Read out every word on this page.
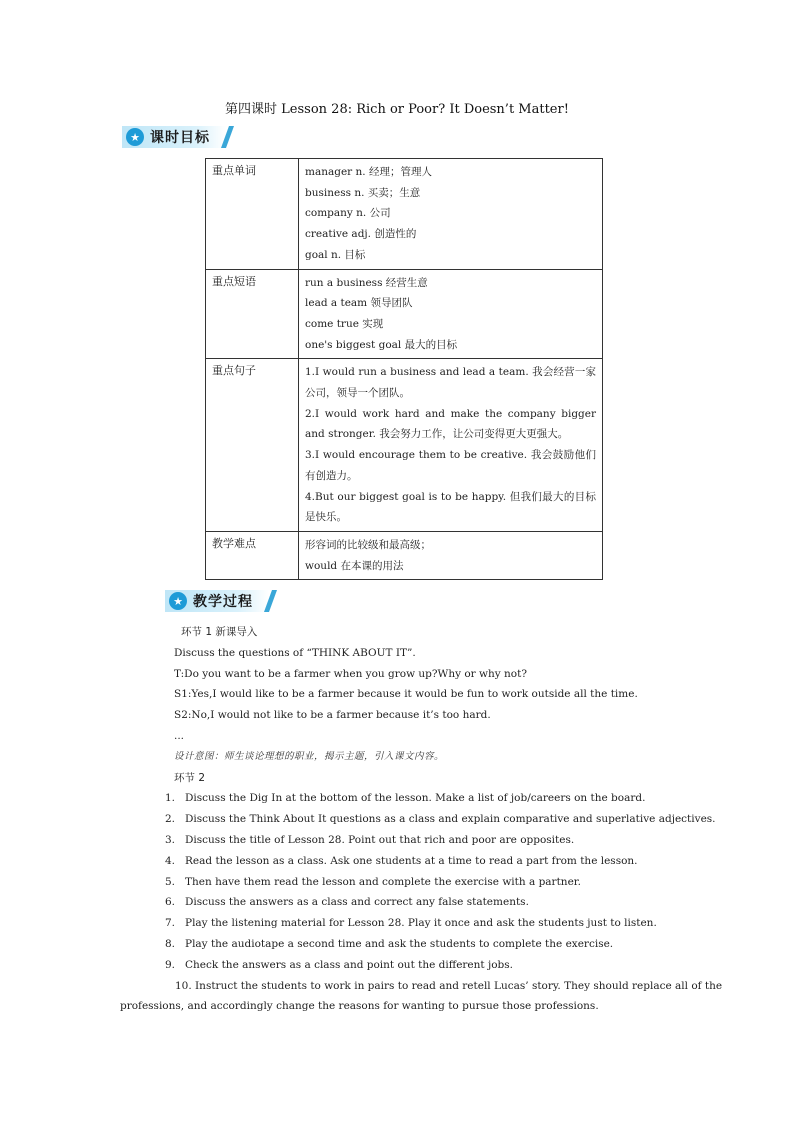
第四课时 Lesson 28: Rich or Poor? It Doesn’t Matter!
★ 课时目标
重点单词	manager n. 经理；管理人
business n. 买卖；生意
company n. 公司
creative adj. 创造性的
goal n. 目标

重点短语	run a business 经营生意
lead a team 领导团队
come true 实现
one's biggest goal 最大的目标

重点句子	1.I would run a business and lead a team. 我会经营一家公司，领导一个团队。
2.I would work hard and make the company bigger and stronger. 我会努力工作，让公司变得更大更强大。
3.I would encourage them to be creative. 我会鼓励他们有创造力。
4.But our biggest goal is to be happy. 但我们最大的目标是快乐。

教学难点	形容词的比较级和最高级；
would 在本课的用法
★ 教学过程
环节 1 新课导入
Discuss the questions of “THINK ABOUT IT”.
T:Do you want to be a farmer when you grow up?Why or why not?
S1:Yes,I would like to be a farmer because it would be fun to work outside all the time.
S2:No,I would not like to be a farmer because it’s too hard.
...
设计意图：师生谈论理想的职业，揭示主题，引入课文内容。
环节 2
1. Discuss the Dig In at the bottom of the lesson. Make a list of job/careers on the board.
2. Discuss the Think About It questions as a class and explain comparative and superlative adjectives.
3. Discuss the title of Lesson 28. Point out that rich and poor are opposites.
4. Read the lesson as a class. Ask one students at a time to read a part from the lesson.
5. Then have them read the lesson and complete the exercise with a partner.
6. Discuss the answers as a class and correct any false statements.
7. Play the listening material for Lesson 28. Play it once and ask the students just to listen.
8. Play the audiotape a second time and ask the students to complete the exercise.
9. Check the answers as a class and point out the different jobs.
10. Instruct the students to work in pairs to read and retell Lucas’ story. They should replace all of the
professions, and accordingly change the reasons for wanting to pursue those professions.
